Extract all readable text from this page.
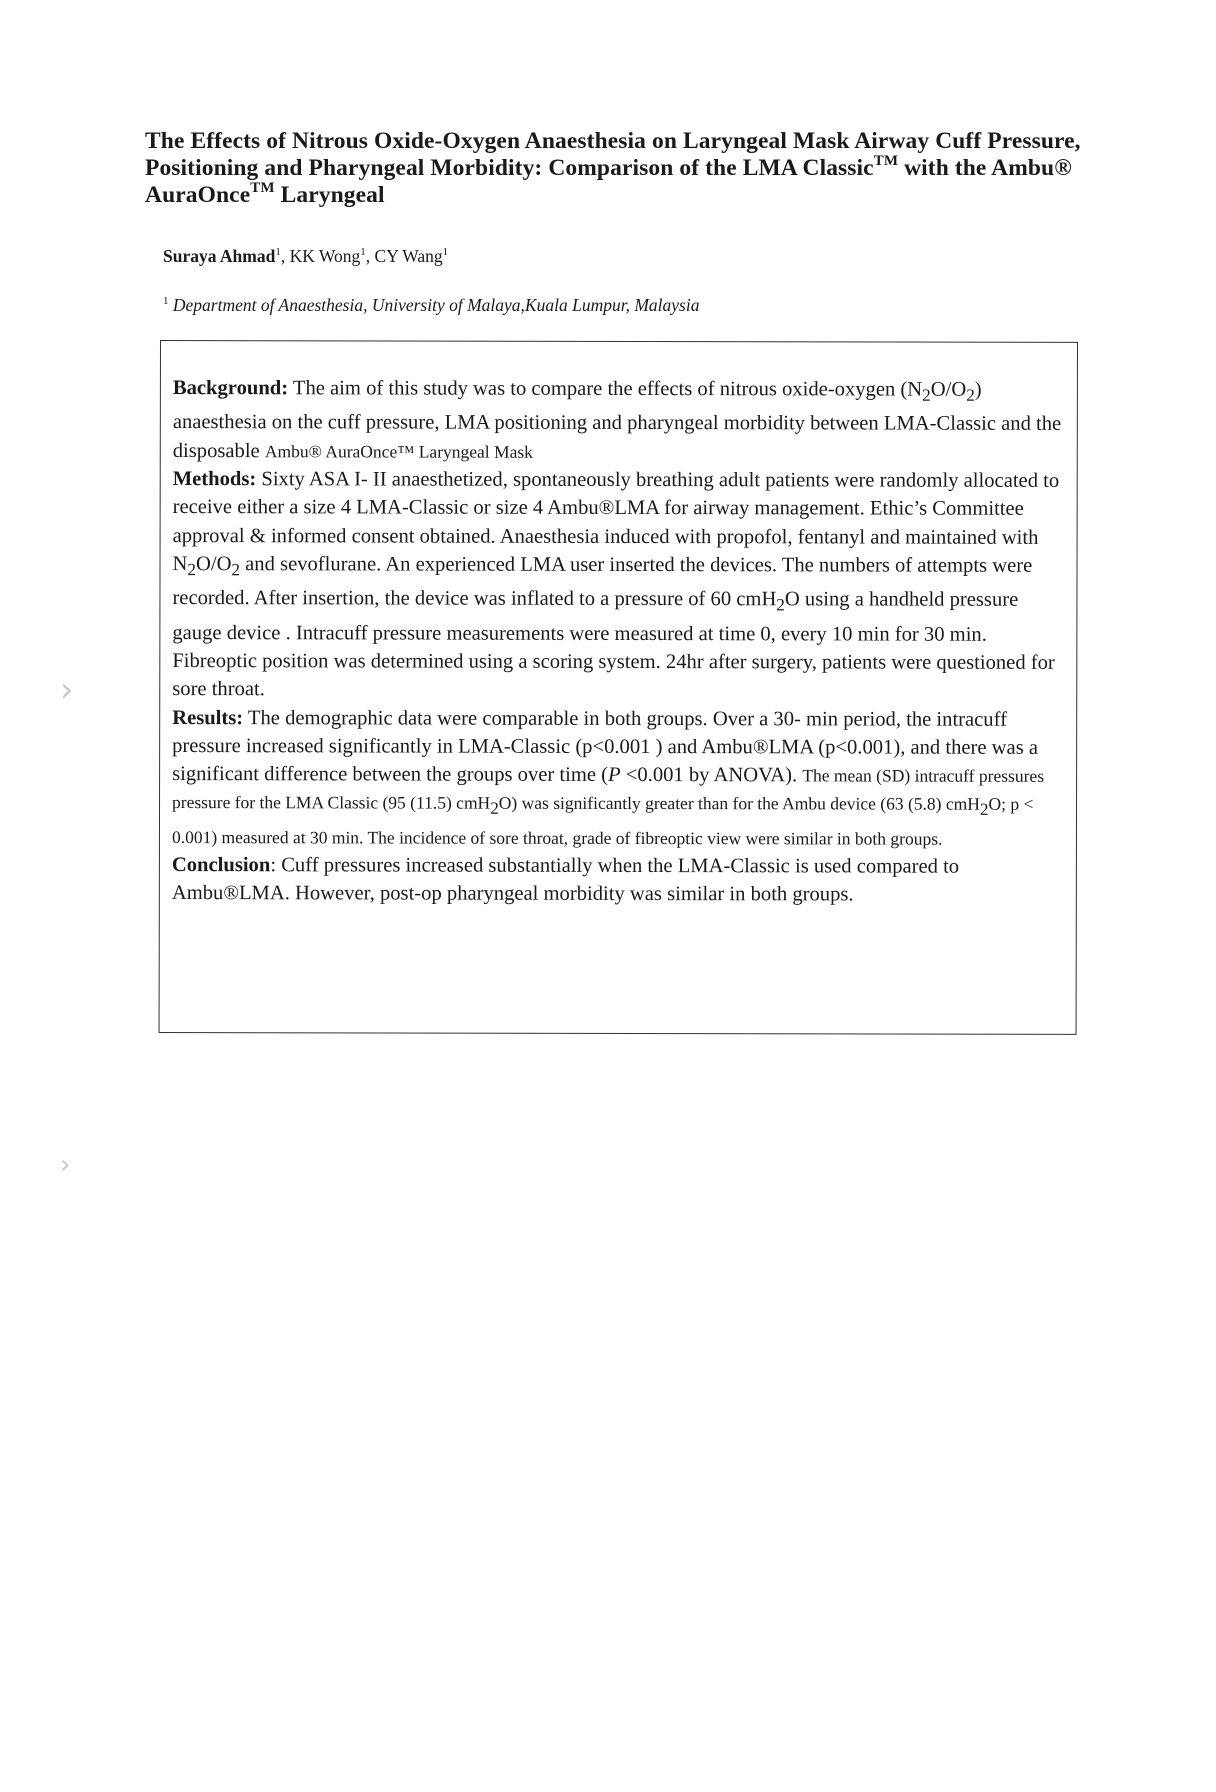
The Effects of Nitrous Oxide-Oxygen Anaesthesia on Laryngeal Mask Airway Cuff Pressure, Positioning and Pharyngeal Morbidity: Comparison of the LMA Classic™ with the Ambu® AuraOnce™ Laryngeal
Suraya Ahmad$^1$, KK Wong$^1$, CY Wang$^1$
$^1$ Department of Anaesthesia, University of Malaya,Kuala Lumpur, Malaysia

Background: The aim of this study was to compare the effects of nitrous oxide-oxygen $(N_2O/O_2)$ anaesthesia on the cuff pressure, LMA positioning and pharyngeal morbidity between LMA-Classic and the disposable Ambu® AuraOnce™ Laryngeal Mask

Methods: Sixty ASA I- II anaesthetized, spontaneously breathing adult patients were randomly allocated to receive either a size 4 LMA-Classic or size 4 Ambu®LMA for airway management. Ethic’s Committee approval & informed consent obtained. Anaesthesia induced with propofol, fentanyl and maintained with $N_2O/O_2$ and sevoflurane. An experienced LMA user inserted the devices. The numbers of attempts were recorded. After insertion, the device was inflated to a pressure of 60 cmH$_2$O using a handheld pressure gauge device . Intracuff pressure measurements were measured at time 0, every 10 min for 30 min. Fibreoptic position was determined using a scoring system. 24hr after surgery, patients were questioned for sore throat.

Results: The demographic data were comparable in both groups. Over a 30- min period, the intracuff pressure increased significantly in LMA-Classic (p<0.001 ) and Ambu®LMA (p<0.001), and there was a significant difference between the groups over time (P <0.001 by ANOVA). The mean (SD) intracuff pressures pressure for the LMA Classic (95 (11.5) cmH$_2$O) was significantly greater than for the Ambu device (63 (5.8) cmH$_2$O; p < 0.001) measured at 30 min. The incidence of sore throat, grade of fibreoptic view were similar in both groups.

Conclusion: Cuff pressures increased substantially when the LMA-Classic is used compared to Ambu®LMA. However, post-op pharyngeal morbidity was similar in both groups.

›
›
